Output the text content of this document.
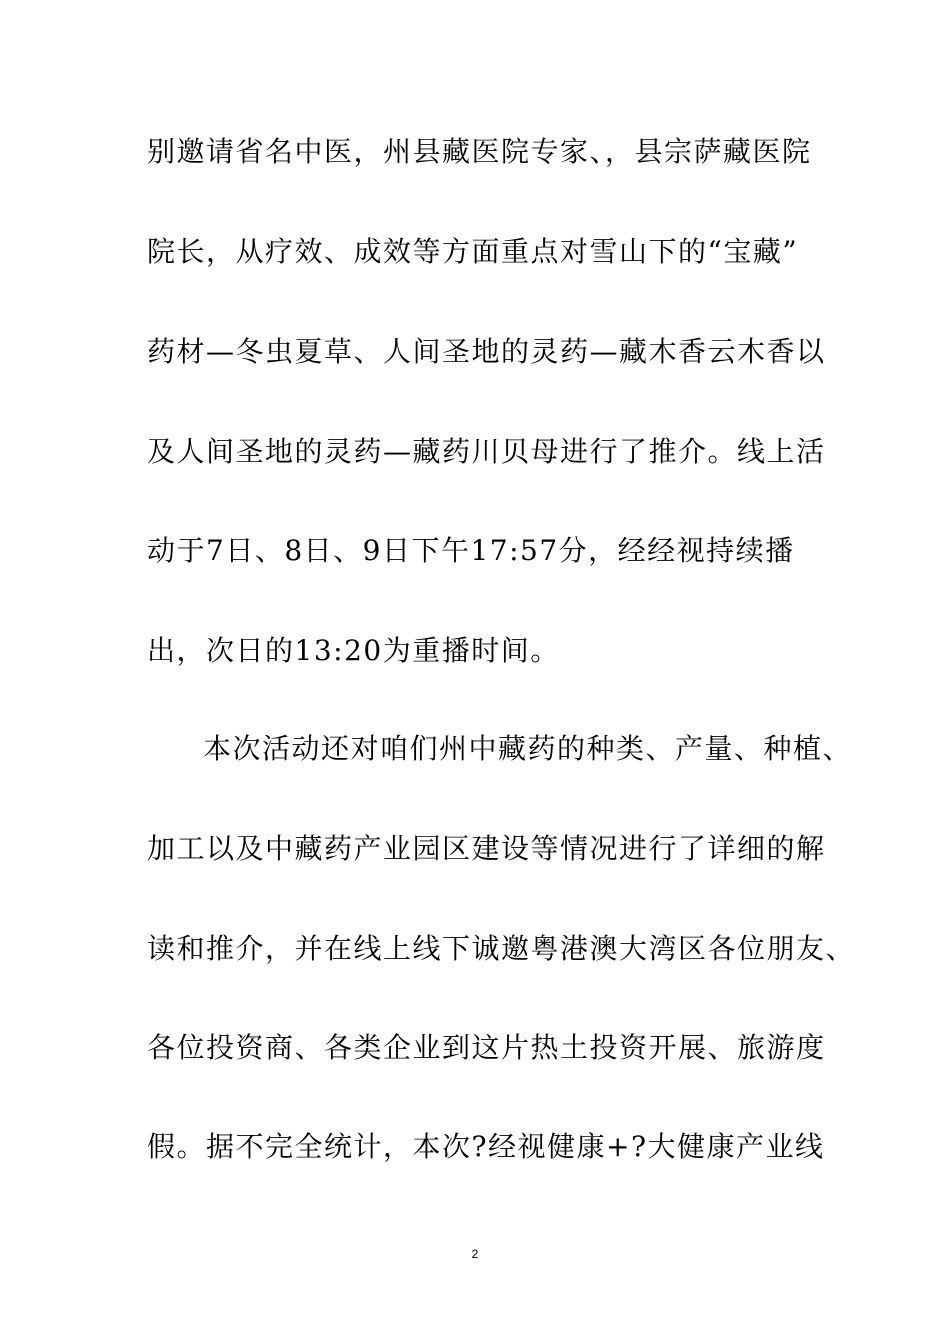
别邀请省名中医，州县藏医院专家、，县宗萨藏医院
院长，从疗效、成效等方面重点对雪山下的“宝藏”
药材—冬虫夏草、人间圣地的灵药—藏木香云木香以
及人间圣地的灵药—藏药川贝母进行了推介。线上活
动于7日、8日、9日下午17:57分，经经视持续播
出，次日的13:20为重播时间。
本次活动还对咱们州中藏药的种类、产量、种植、
加工以及中藏药产业园区建设等情况进行了详细的解
读和推介，并在线上线下诚邀粤港澳大湾区各位朋友、
各位投资商、各类企业到这片热土投资开展、旅游度
假。据不完全统计，本次?经视健康+?大健康产业线
2
